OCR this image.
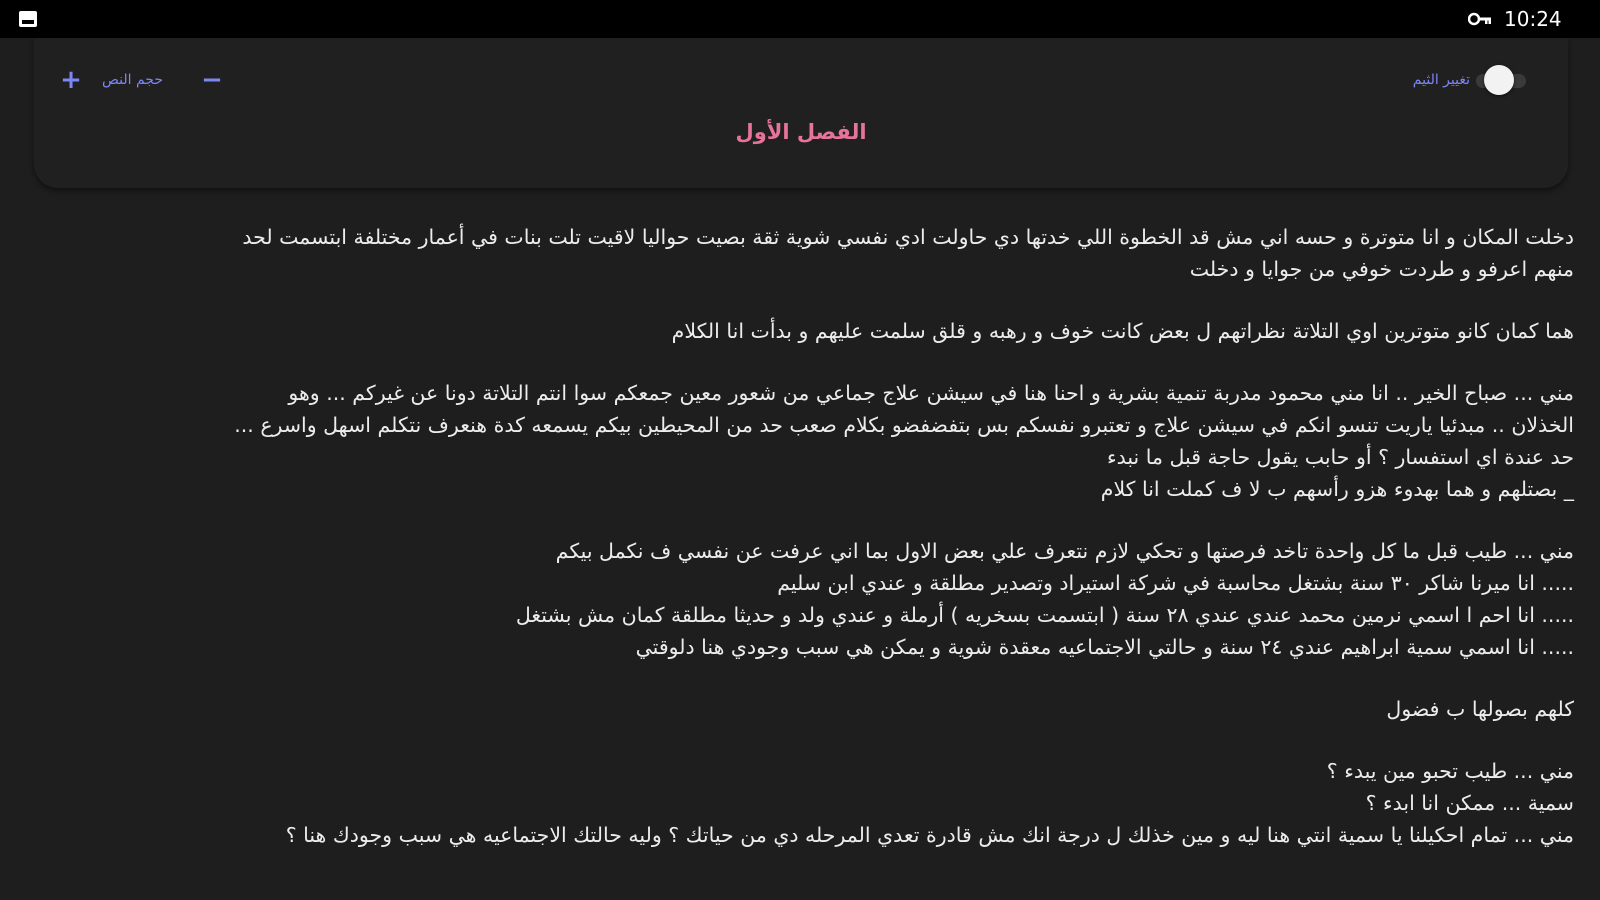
10:24
+ حجم النص −	تغيير الثيم
الفصل الأول
دخلت المكان و انا متوترة و حسه اني مش قد الخطوة اللي خدتها دي حاولت ادي نفسي شوية ثقة بصيت حواليا لاقيت تلت بنات في أعمار مختلفة ابتسمت لحد
منهم اعرفو و طردت خوفي من جوايا و دخلت
هما كمان كانو متوترين اوي التلاتة نظراتهم ل بعض كانت خوف و رهبه و قلق سلمت عليهم و بدأت انا الكلام
مني ... صباح الخير .. انا مني محمود مدربة تنمية بشرية و احنا هنا في سيشن علاج جماعي من شعور معين جمعكم سوا انتم التلاتة دونا عن غيركم ... وهو
الخذلان .. مبدئيا ياريت تنسو انكم في سيشن علاج و تعتبرو نفسكم بس بتفضفضو بكلام صعب حد من المحيطين بيكم يسمعه كدة هنعرف نتكلم اسهل واسرع ...
حد عندة اي استفسار ؟ أو حابب يقول حاجة قبل ما نبدء
_ بصتلهم و هما بهدوء هزو رأسهم ب لا ف كملت انا كلام
مني ... طيب قبل ما كل واحدة تاخد فرصتها و تحكي لازم نتعرف علي بعض الاول بما اني عرفت عن نفسي ف نكمل بيكم
..... انا ميرنا شاكر ٣٠ سنة بشتغل محاسبة في شركة استيراد وتصدير مطلقة و عندي ابن سليم
..... انا احم ا اسمي نرمين محمد عندي عندي ٢٨ سنة ( ابتسمت بسخريه ) أرملة و عندي ولد و حديثا مطلقة كمان مش بشتغل
..... انا اسمي سمية ابراهيم عندي ٢٤ سنة و حالتي الاجتماعيه معقدة شوية و يمكن هي سبب وجودي هنا دلوقتي
كلهم بصولها ب فضول
مني ... طيب تحبو مين يبدء ؟
سمية ... ممكن انا ابدء ؟
مني ... تمام احكيلنا يا سمية انتي هنا ليه و مين خذلك ل درجة انك مش قادرة تعدي المرحله دي من حياتك ؟ وليه حالتك الاجتماعيه هي سبب وجودك هنا ؟
